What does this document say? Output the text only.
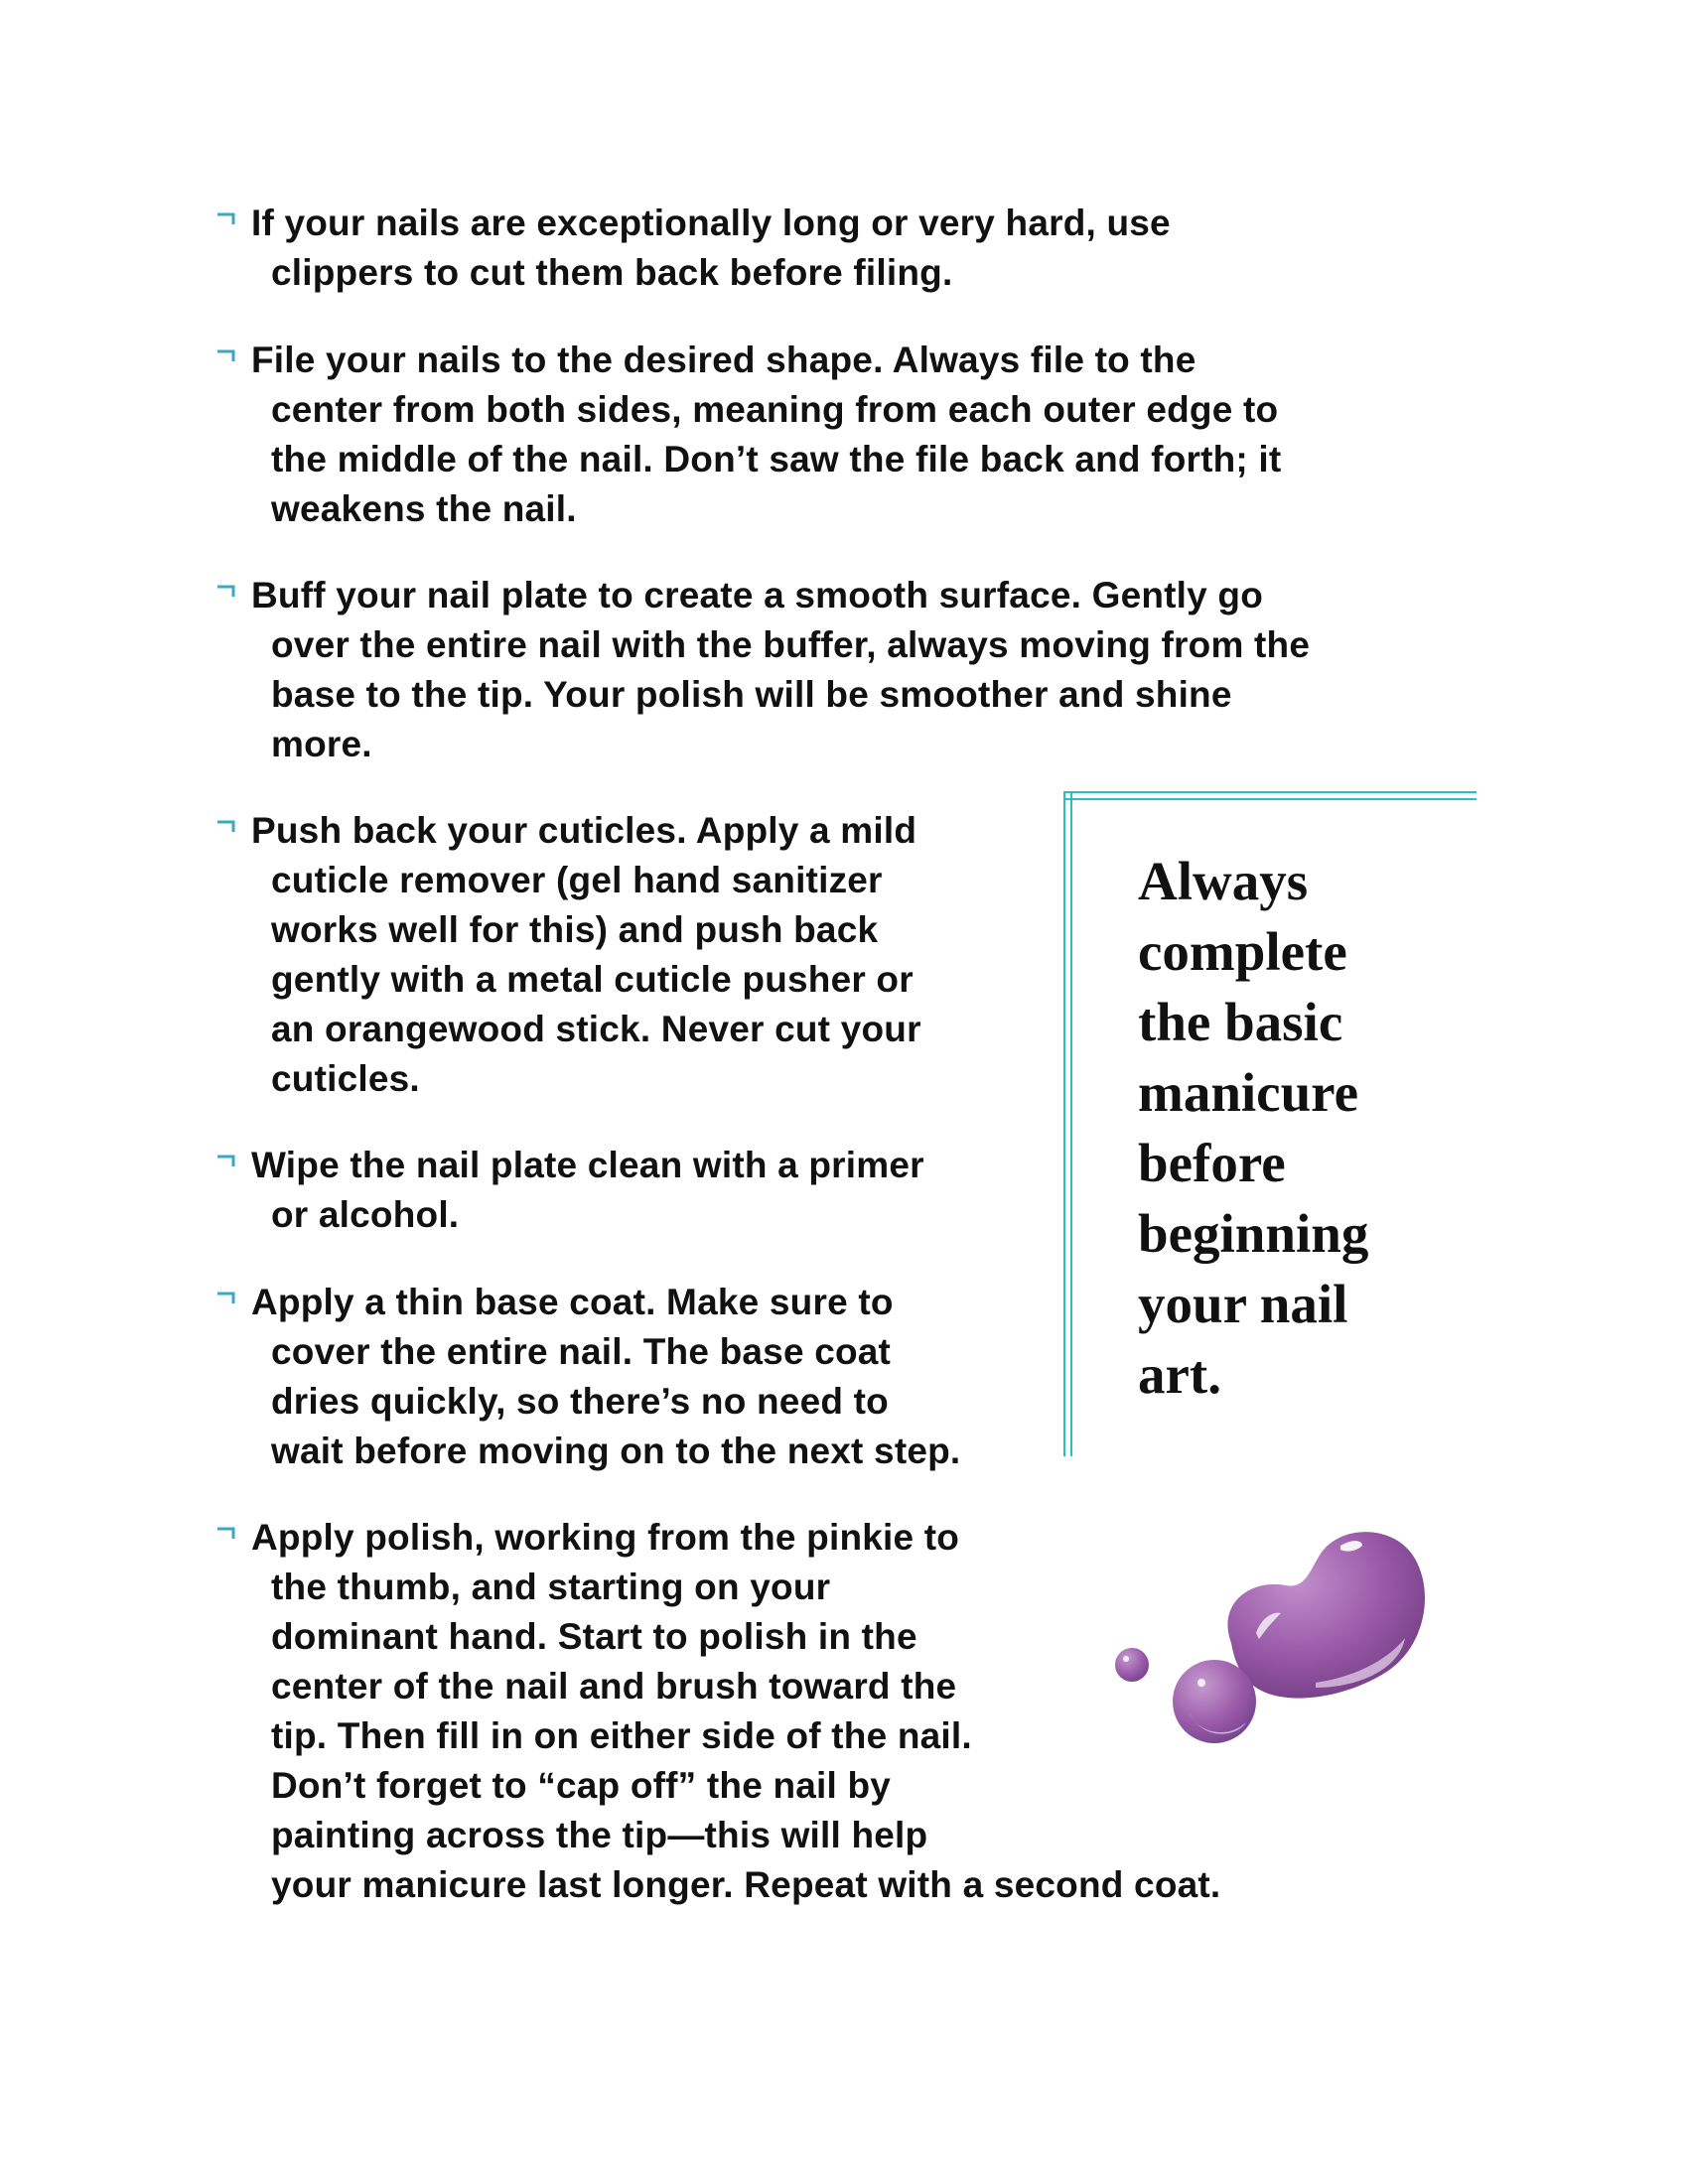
If your nails are exceptionally long or very hard, use
clippers to cut them back before filing.
File your nails to the desired shape. Always file to the
center from both sides, meaning from each outer edge to
the middle of the nail. Don’t saw the file back and forth; it
weakens the nail.
Buff your nail plate to create a smooth surface. Gently go
over the entire nail with the buffer, always moving from the
base to the tip. Your polish will be smoother and shine
more.
Push back your cuticles. Apply a mild
cuticle remover (gel hand sanitizer
works well for this) and push back
gently with a metal cuticle pusher or
an orangewood stick. Never cut your
cuticles.
Wipe the nail plate clean with a primer
or alcohol.
Apply a thin base coat. Make sure to
cover the entire nail. The base coat
dries quickly, so there’s no need to
wait before moving on to the next step.
Apply polish, working from the pinkie to
the thumb, and starting on your
dominant hand. Start to polish in the
center of the nail and brush toward the
tip. Then fill in on either side of the nail.
Don’t forget to “cap off” the nail by
painting across the tip—this will help
your manicure last longer. Repeat with a second coat.
Always
complete
the basic
manicure
before
beginning
your nail
art.
